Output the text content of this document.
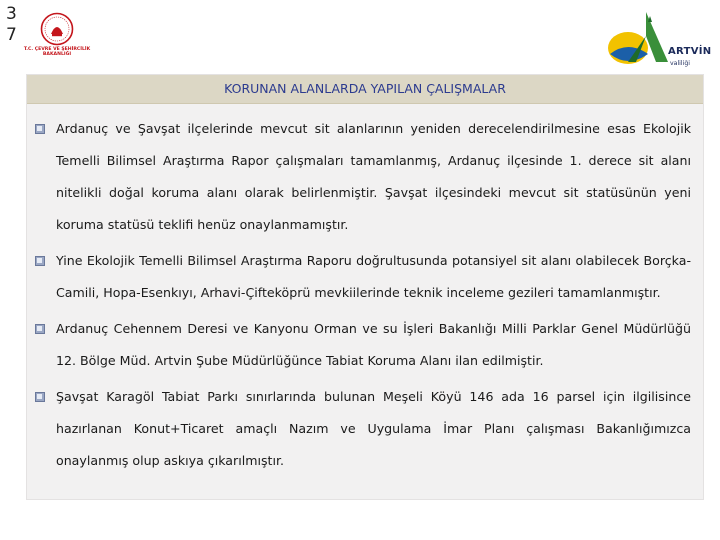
3
7
T.C. ÇEVRE VE ŞEHİRCİLİK BAKANLIĞI	ARTVİN
valiliği
KORUNAN ALANLARDA YAPILAN ÇALIŞMALAR
Ardanuç ve Şavşat ilçelerinde mevcut sit alanlarının yeniden derecelendirilmesine esas Ekolojik Temelli Bilimsel Araştırma Rapor çalışmaları tamamlanmış, Ardanuç ilçesinde 1. derece sit alanı nitelikli doğal koruma alanı olarak belirlenmiştir. Şavşat ilçesindeki mevcut sit statüsünün yeni koruma statüsü teklifi henüz onaylanmamıştır.
Yine Ekolojik Temelli Bilimsel Araştırma Raporu doğrultusunda potansiyel sit alanı olabilecek Borçka-Camili, Hopa-Esenkıyı, Arhavi-Çifteköprü mevkiilerinde teknik inceleme gezileri tamamlanmıştır.
Ardanuç Cehennem Deresi ve Kanyonu Orman ve su İşleri Bakanlığı Milli Parklar Genel Müdürlüğü 12. Bölge Müd. Artvin Şube Müdürlüğünce Tabiat Koruma Alanı ilan edilmiştir.
Şavşat Karagöl Tabiat Parkı sınırlarında bulunan Meşeli Köyü 146 ada 16 parsel için ilgilisince hazırlanan Konut+Ticaret amaçlı Nazım ve Uygulama İmar Planı çalışması Bakanlığımızca onaylanmış olup askıya çıkarılmıştır.
